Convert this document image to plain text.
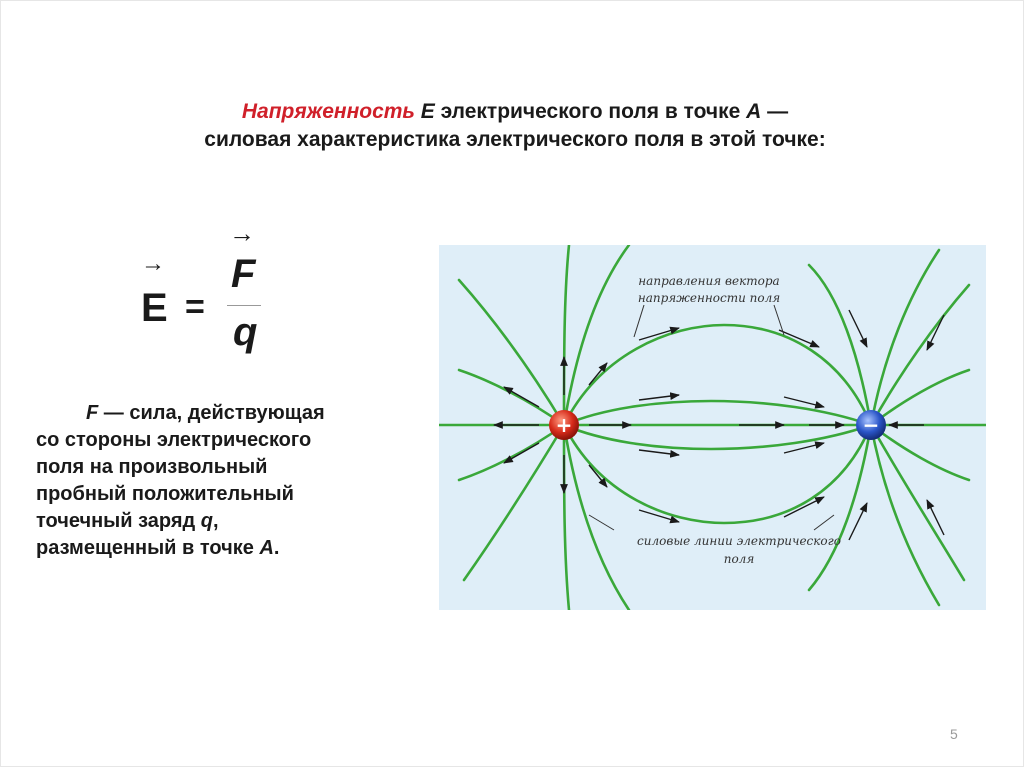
Напряженность E электрического поля в точке A —
силовая характеристика электрического поля в этой точке:
→
E =
→
F
q
F — сила, действующая
со стороны электрического
поля на произвольный
пробный положительный
точечный заряд q,
размещенный в точке A.
направления вектора
напряженности поля
силовые линии электрического
поля
+	−
5
